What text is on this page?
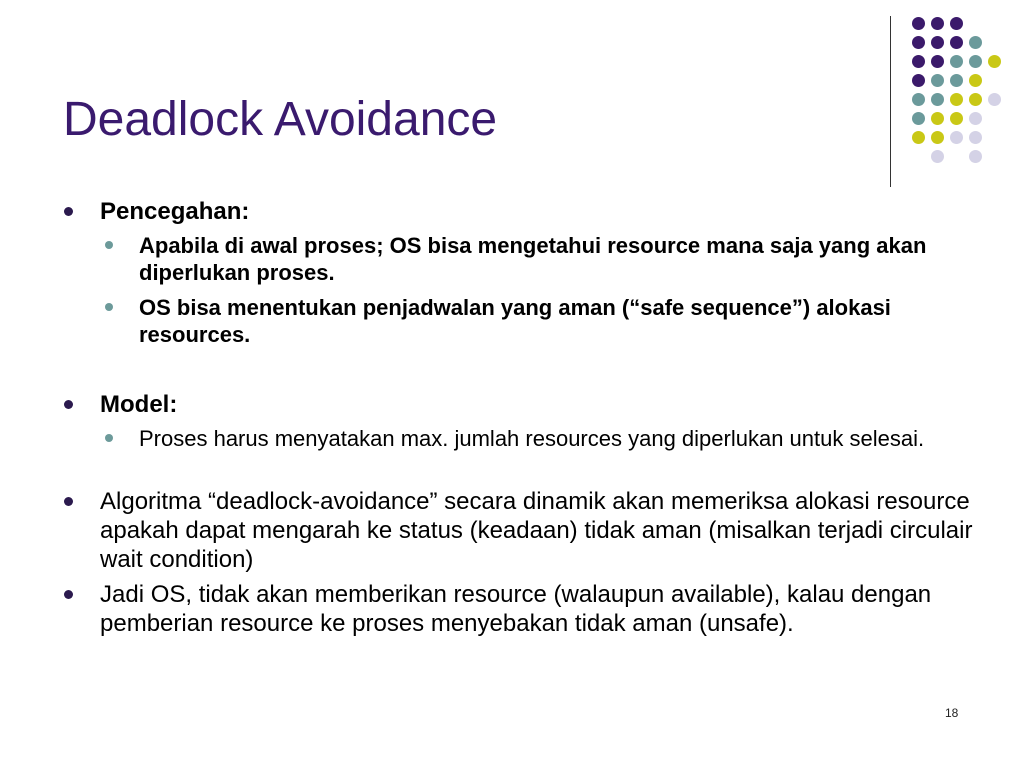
Deadlock Avoidance
Pencegahan:
Apabila di awal proses; OS bisa mengetahui resource mana saja yang akan diperlukan proses.
OS bisa menentukan penjadwalan yang aman (“safe sequence”) alokasi resources.
Model:
Proses harus menyatakan max. jumlah resources yang diperlukan untuk selesai.
Algoritma “deadlock-avoidance” secara dinamik akan memeriksa alokasi resource apakah dapat mengarah ke status (keadaan) tidak aman (misalkan terjadi circulair wait condition)
Jadi OS, tidak akan memberikan resource (walaupun available), kalau dengan pemberian resource ke proses menyebakan tidak aman (unsafe).
18
